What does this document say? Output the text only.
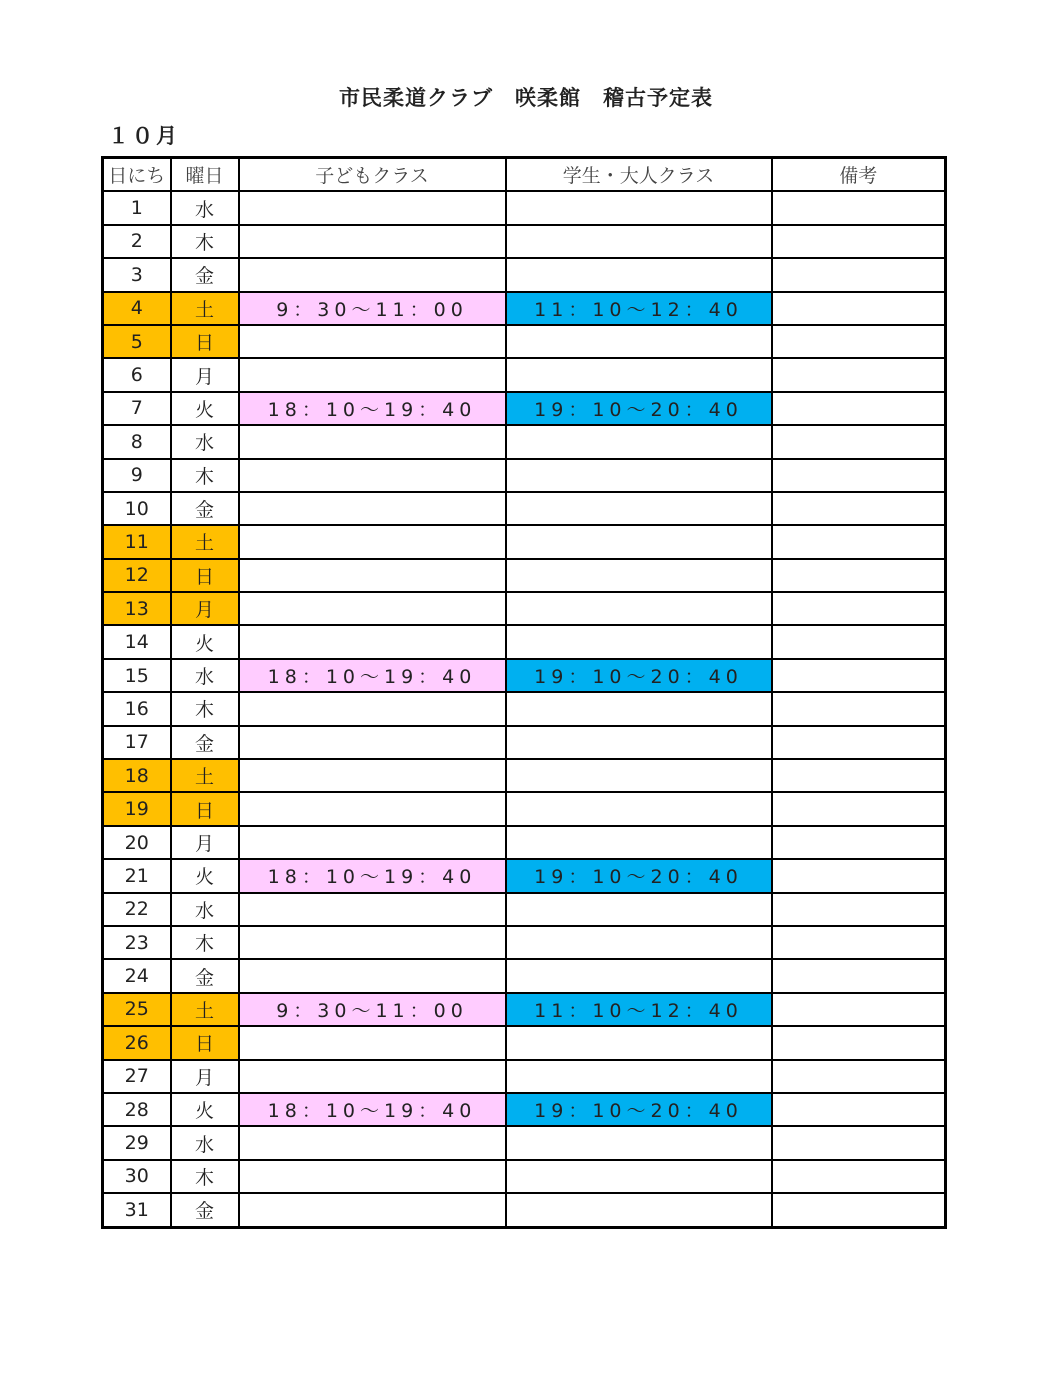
市民柔道クラブ　咲柔館　稽古予定表
１０月
日にち	曜日	子どもクラス	学生・大人クラス	備考
1	水			
2	木			
3	金			
4	土	9：30～11：00	11：10～12：40	
5	日			
6	月			
7	火	18：10～19：40	19：10～20：40	
8	水			
9	木			
10	金			
11	土			
12	日			
13	月			
14	火			
15	水	18：10～19：40	19：10～20：40	
16	木			
17	金			
18	土			
19	日			
20	月			
21	火	18：10～19：40	19：10～20：40	
22	水			
23	木			
24	金			
25	土	9：30～11：00	11：10～12：40	
26	日			
27	月			
28	火	18：10～19：40	19：10～20：40	
29	水			
30	木			
31	金			
